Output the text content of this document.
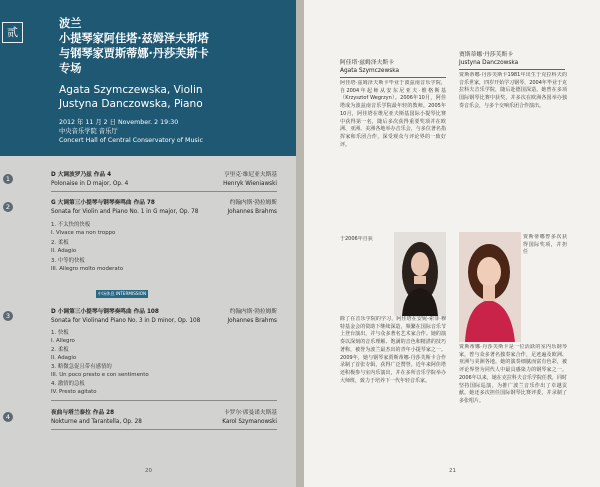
贰

波兰

小提琴家阿佳塔·兹姆泽夫斯塔

与钢琴家贾斯蒂娜·丹莎芙斯卡

专场

Agata Szymczewska, Violin

Justyna Danczowska, Piano

2012 年 11 月 2 日 November. 2 19:30

中央音乐学院 音乐厅

Concert Hall of Central Conservatory of Music

1	D 大调波罗乃兹 作品 4	亨里克·维尼亚夫斯基
Polonaise in D major, Op. 4	Henryk Wieniawski
2	G 大调第三小提琴与钢琴奏鸣曲 作品 78	约翰内斯·勃拉姆斯
Sonata for Violin and Piano No. 1 in G major, Op. 78	Johannes Brahms
1. 不太快的快板
I. Vivace ma non troppo
2. 柔板
II. Adagio
3. 中等的快板
III. Allegro molto moderato
中场休息 INTERMISSION
3	D 小调第三小提琴与钢琴奏鸣曲 作品 108	约翰内斯·勃拉姆斯
Sonata for Violinand Piano No. 3 in D minor, Op. 108	Johannes Brahms
1. 快板
I. Allegro
2. 柔板
II. Adagio
3. 略微急促且带有感情的
III. Un poco presto e con sentimento
4. 激情的急板
IV. Presto agitato
4	夜曲与塔兰泰拉 作品 28	卡罗尔·席曼诺夫斯基
Nokturne and Tarantella, Op. 28	Karol Szymanowski
20
阿佳塔·兹姆泽夫斯卡
Agata Szymczewska
贾斯蒂娜·丹莎芙斯卡
Justyna Danczowska

阿佳塔·兹姆泽夫斯卡毕业于波兹南音乐学院，自2004年起师从安东尼亚夫·维格斯基（Krzysztof Wegrzyn）。2006年10月，阿佳塔成为波兹南音乐学院最年轻的教师。2005年10月，阿佳塔在维尼亚夫斯基国际小提琴比赛中获得第一名，随后多次获得重要奖项并在欧洲、亚洲、美洲各地举办音乐会，与多位著名指挥家和乐团合作，深受观众与评论界的一致好评。

于2006年自获

除了在音乐学院的学习，阿佳塔在安妮-索菲·穆特基金会的资助下继续深造，频繁在国际音乐节上登台演出，并与众多著名艺术家合作。她的演奏以深刻的音乐理解、饱满的音色和精湛的技巧著称，被誉为波兰最杰出的青年小提琴家之一。2009年，她与钢琴家贾斯蒂娜·丹莎芙斯卡合作录制了首张专辑，获得广泛赞誉。近年来阿佳塔还积极参与室内乐演出，并在多所音乐学院举办大师班，致力于培养下一代年轻音乐家。

贾斯蒂娜·丹莎芙斯卡1981年出生于克拉科夫的音乐世家，四岁开始学习钢琴，2004年毕业于克拉科夫音乐学院，随后赴德国深造。她曾在多项国际钢琴比赛中获奖，并多次在欧洲各国举办独奏音乐会，与多个交响乐团合作演出。

贾斯蒂娜曾多次获得国际奖项，并担任

贾斯蒂娜·丹莎芙斯卡是一位活跃的室内乐钢琴家，曾与众多著名独奏家合作，足迹遍及欧洲、亚洲与美洲各地。她的演奏细腻而富有色彩，被评论界誉为同代人中最具感染力的钢琴家之一。2006年以来，她在克拉科夫音乐学院任教，同时坚持国际巡演，为推广波兰音乐作出了卓越贡献。她还多次担任国际钢琴比赛评委，并录制了多张唱片。

21
